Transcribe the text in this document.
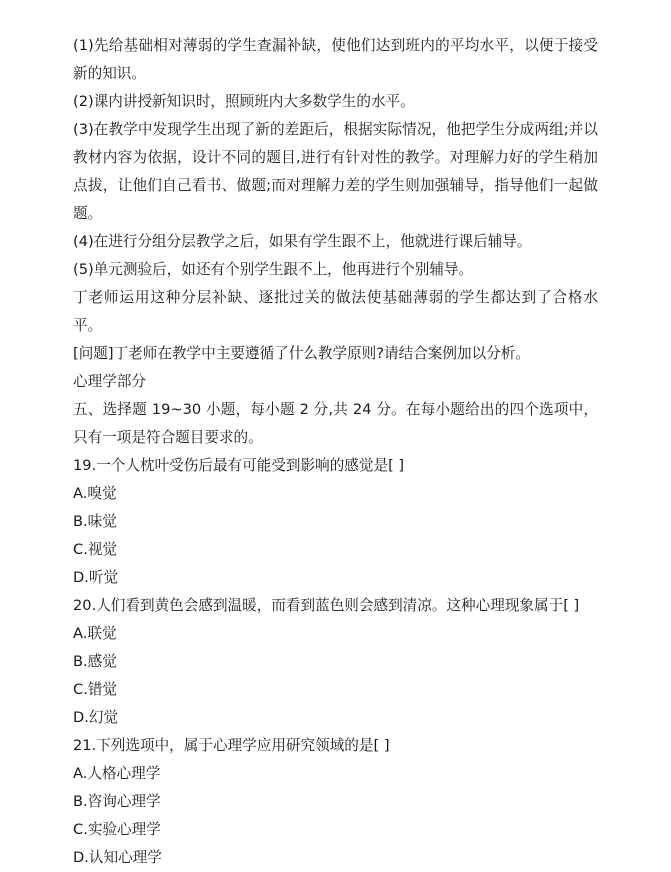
(1)先给基础相对薄弱的学生查漏补缺，使他们达到班内的平均水平，以便于接受新的知识。

(2)课内讲授新知识时，照顾班内大多数学生的水平。

(3)在教学中发现学生出现了新的差距后，根据实际情况，他把学生分成两组;并以教材内容为依据，设计不同的题目,进行有针对性的教学。对理解力好的学生稍加点拔，让他们自己看书、做题;而对理解力差的学生则加强辅导，指导他们一起做题。

(4)在进行分组分层教学之后，如果有学生跟不上，他就进行课后辅导。

(5)单元测验后，如还有个别学生跟不上，他再进行个别辅导。

丁老师运用这种分层补缺、逐批过关的做法使基础薄弱的学生都达到了合格水平。

[问题]丁老师在教学中主要遵循了什么教学原则?请结合案例加以分析。

心理学部分

五、选择题 19~30 小题，每小题 2 分,共 24 分。在每小题给出的四个选项中，只有一项是符合题目要求的。

19.一个人枕叶受伤后最有可能受到影响的感觉是[ ]

A.嗅觉

B.味觉

C.视觉

D.听觉

20.人们看到黄色会感到温暖，而看到蓝色则会感到清凉。这种心理现象属于[ ]

A.联觉

B.感觉

C.错觉

D.幻觉

21.下列选项中，属于心理学应用研究领域的是[ ]

A.人格心理学

B.咨询心理学

C.实验心理学

D.认知心理学
